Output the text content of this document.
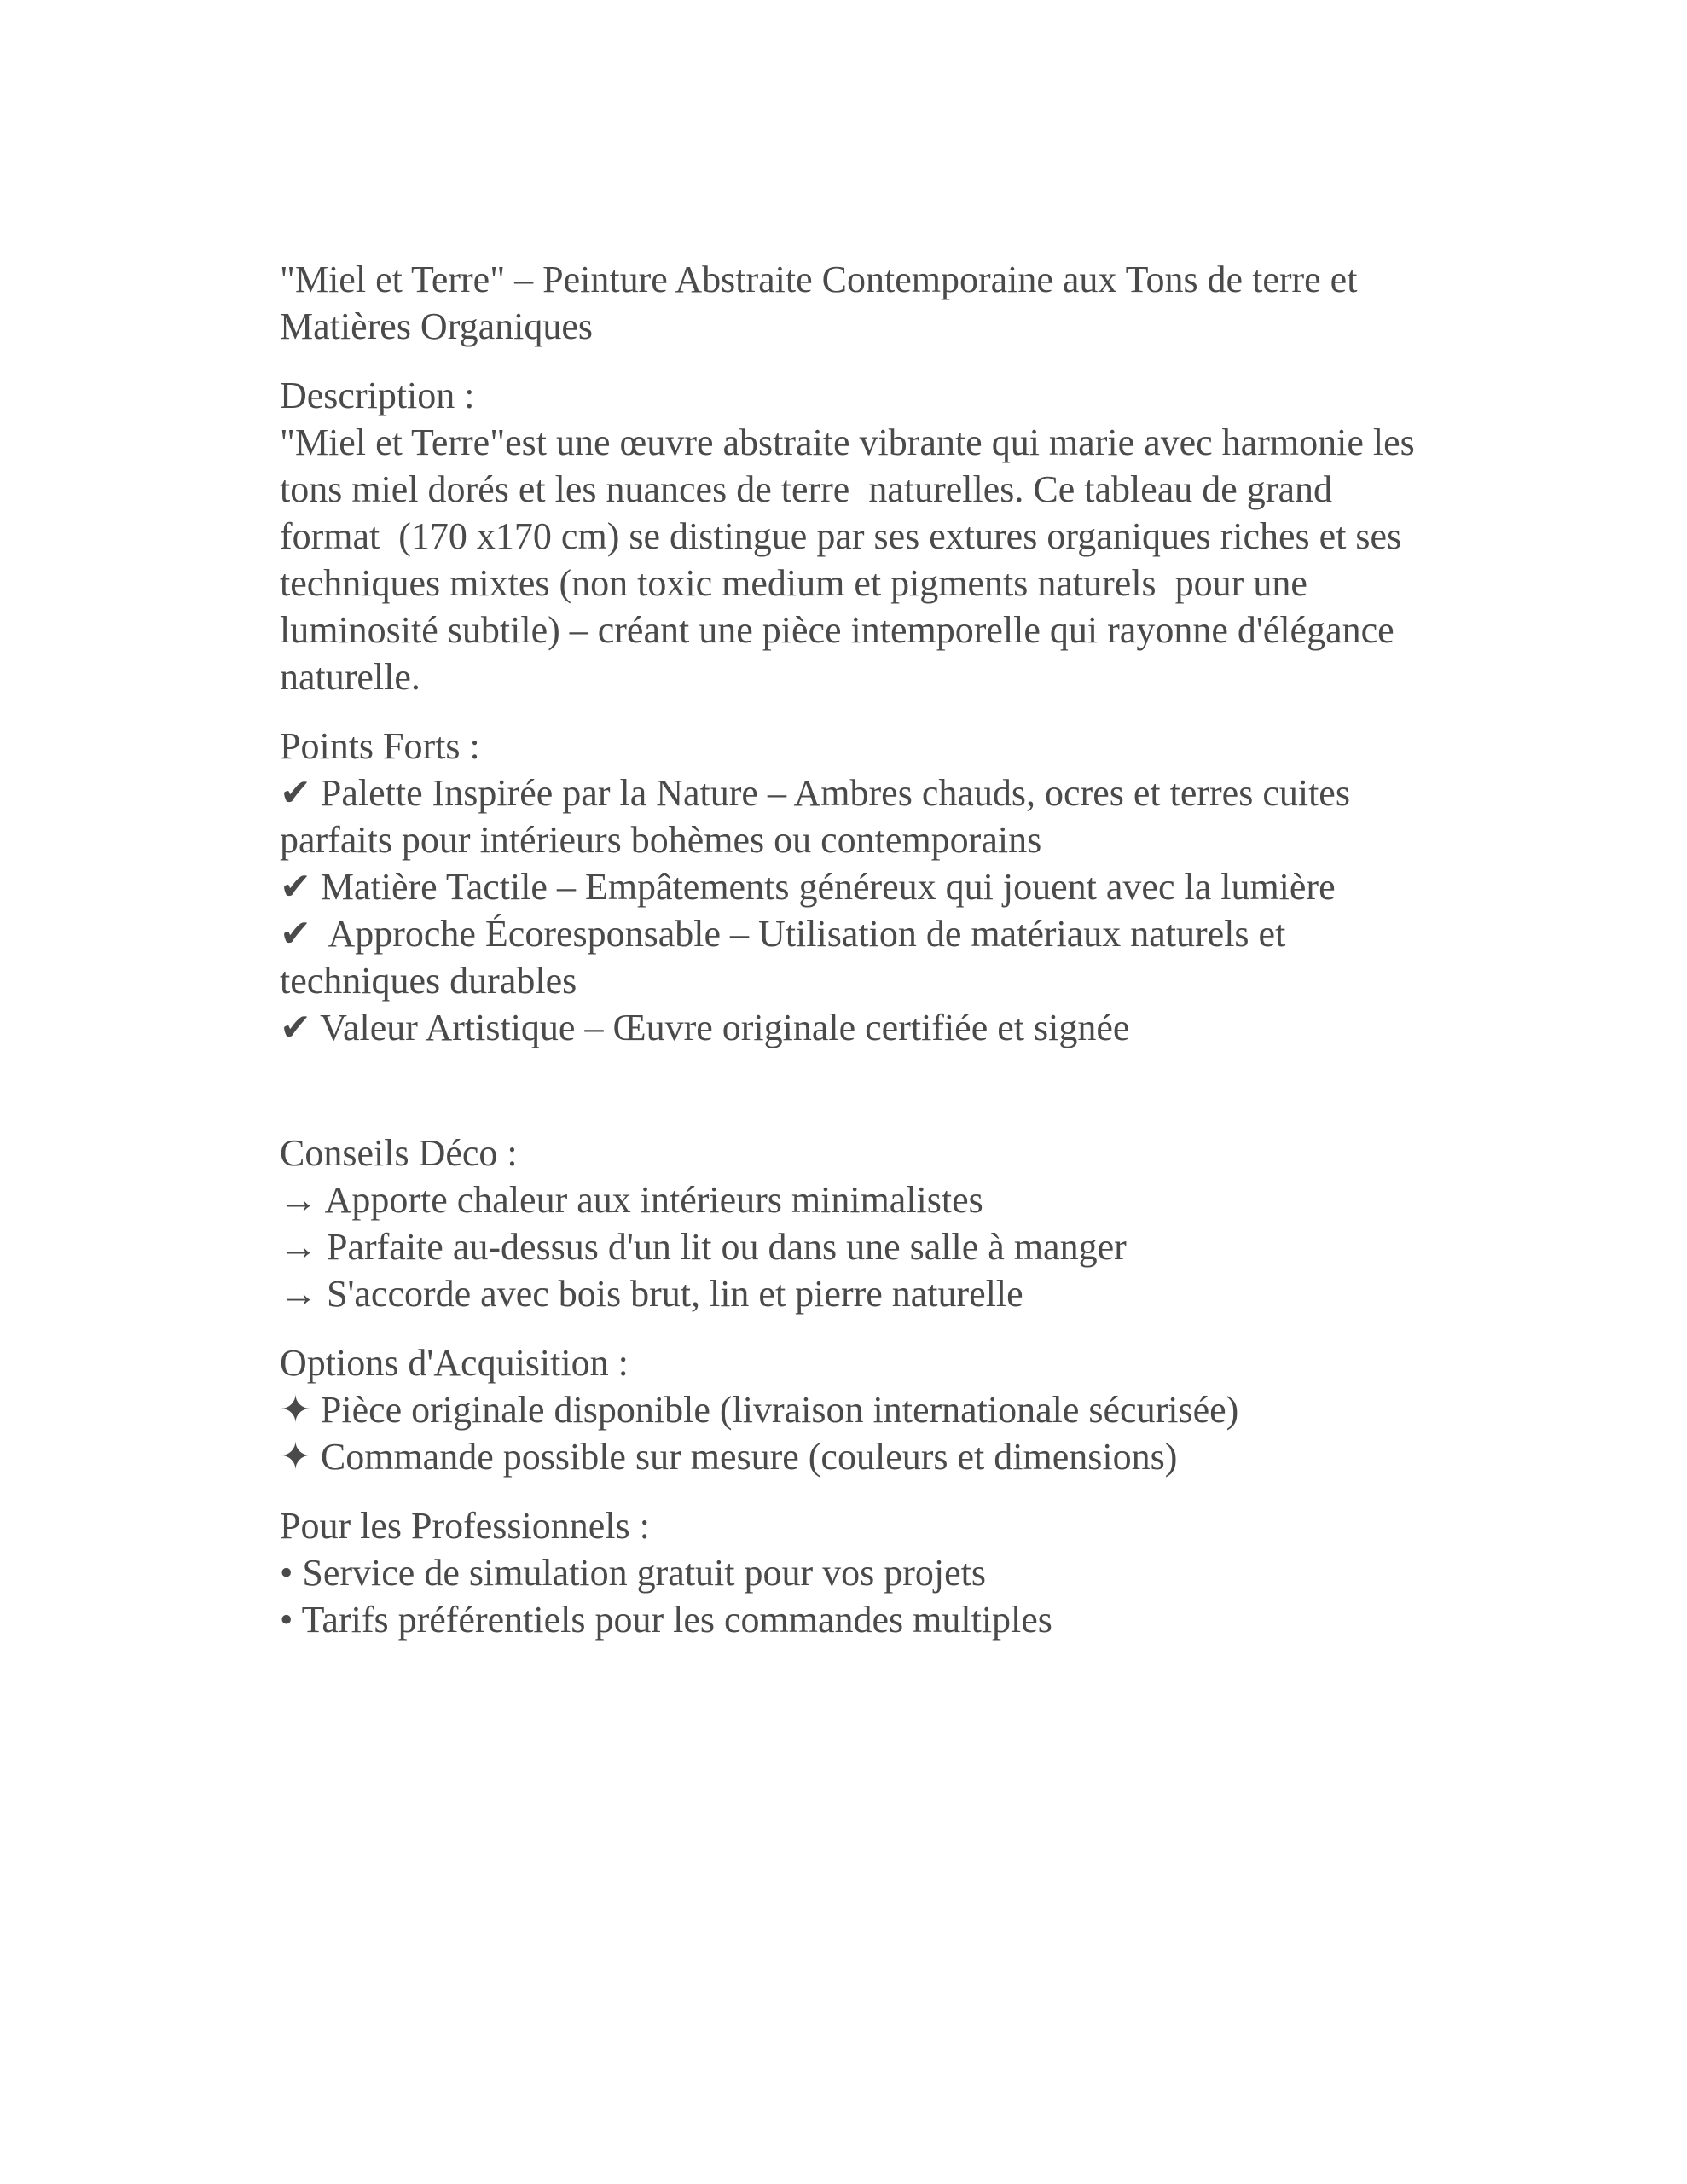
"Miel et Terre" – Peinture Abstraite Contemporaine aux Tons de terre et
Matières Organiques

Description :
"Miel et Terre"est une œuvre abstraite vibrante qui marie avec harmonie les
tons miel dorés et les nuances de terre  naturelles. Ce tableau de grand
format  (170 x170 cm) se distingue par ses extures organiques riches et ses
techniques mixtes (non toxic medium et pigments naturels  pour une
luminosité subtile) – créant une pièce intemporelle qui rayonne d'élégance
naturelle.

Points Forts :
✔ Palette Inspirée par la Nature – Ambres chauds, ocres et terres cuites
parfaits pour intérieurs bohèmes ou contemporains
✔ Matière Tactile – Empâtements généreux qui jouent avec la lumière
✔  Approche Écoresponsable – Utilisation de matériaux naturels et
techniques durables
✔ Valeur Artistique – Œuvre originale certifiée et signée

Conseils Déco :
→ Apporte chaleur aux intérieurs minimalistes
→ Parfaite au-dessus d'un lit ou dans une salle à manger
→ S'accorde avec bois brut, lin et pierre naturelle

Options d'Acquisition :
✦ Pièce originale disponible (livraison internationale sécurisée)
✦ Commande possible sur mesure (couleurs et dimensions)

Pour les Professionnels :
• Service de simulation gratuit pour vos projets
• Tarifs préférentiels pour les commandes multiples
